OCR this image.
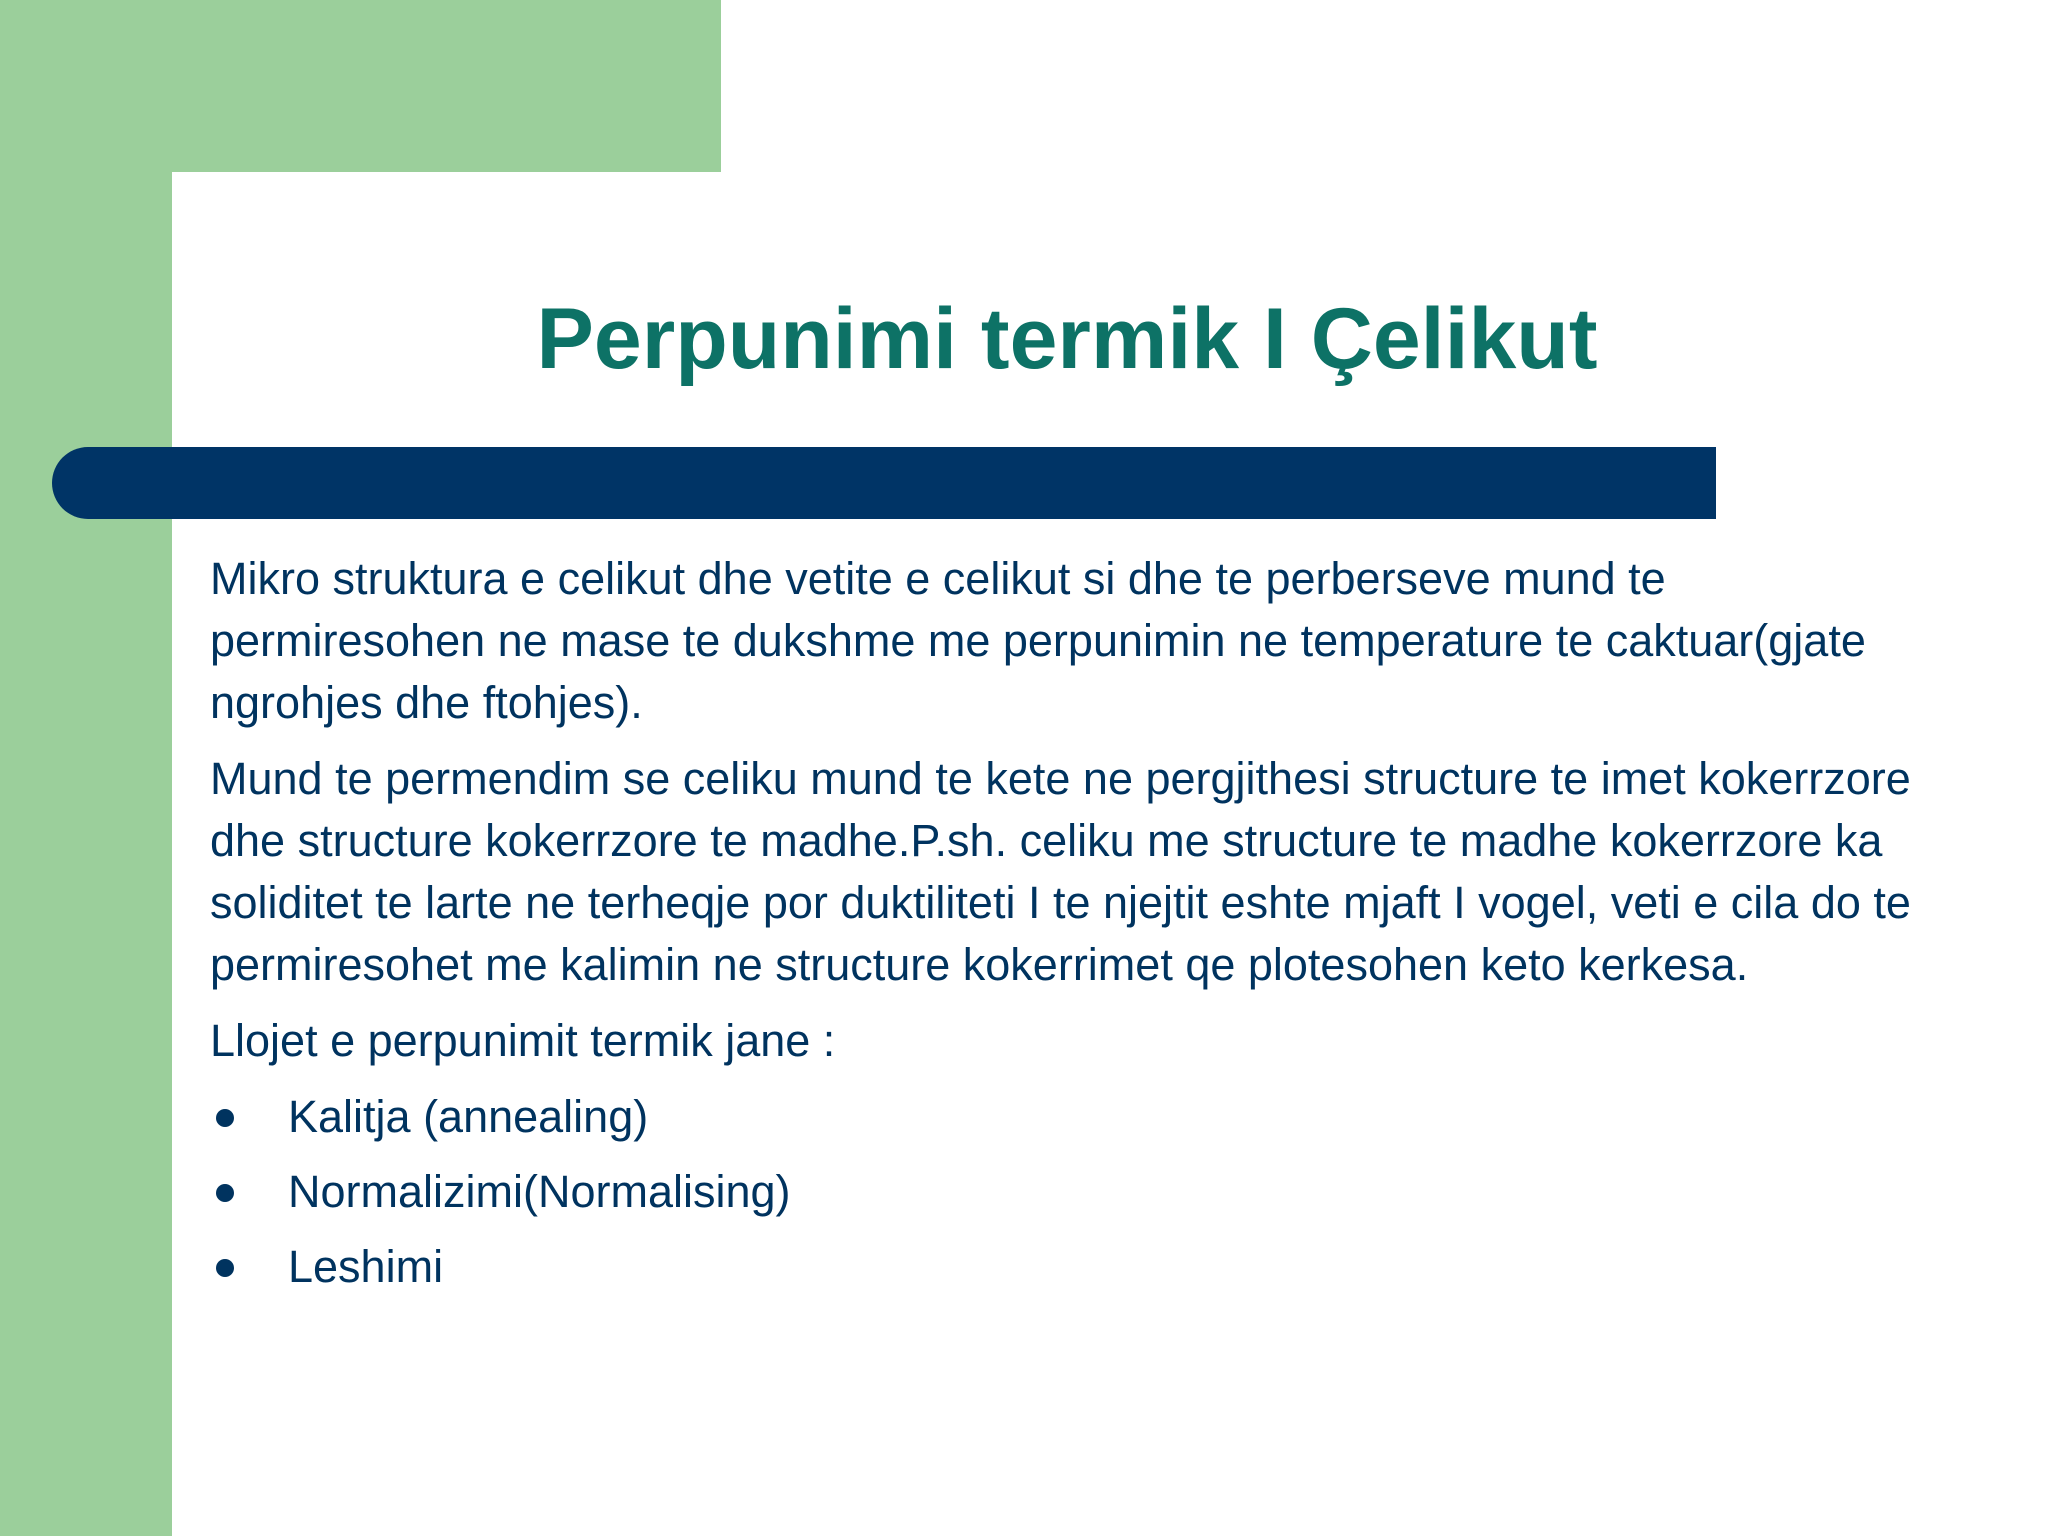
Perpunimi termik I Çelikut

Mikro struktura e celikut dhe vetite e celikut si dhe te perberseve mund te permiresohen ne mase te dukshme me perpunimin ne temperature te caktuar(gjate ngrohjes dhe ftohjes).

Mund te permendim se celiku mund te kete ne pergjithesi structure te imet kokerrzore dhe structure kokerrzore te madhe.P.sh. celiku me structure te madhe kokerrzore ka soliditet te larte ne terheqje por duktiliteti I te njejtit eshte mjaft I vogel, veti e cila do te permiresohet me kalimin ne structure kokerrimet qe plotesohen keto kerkesa.

Llojet e perpunimit termik jane :

Kalitja (annealing)
Normalizimi(Normalising)
Leshimi
